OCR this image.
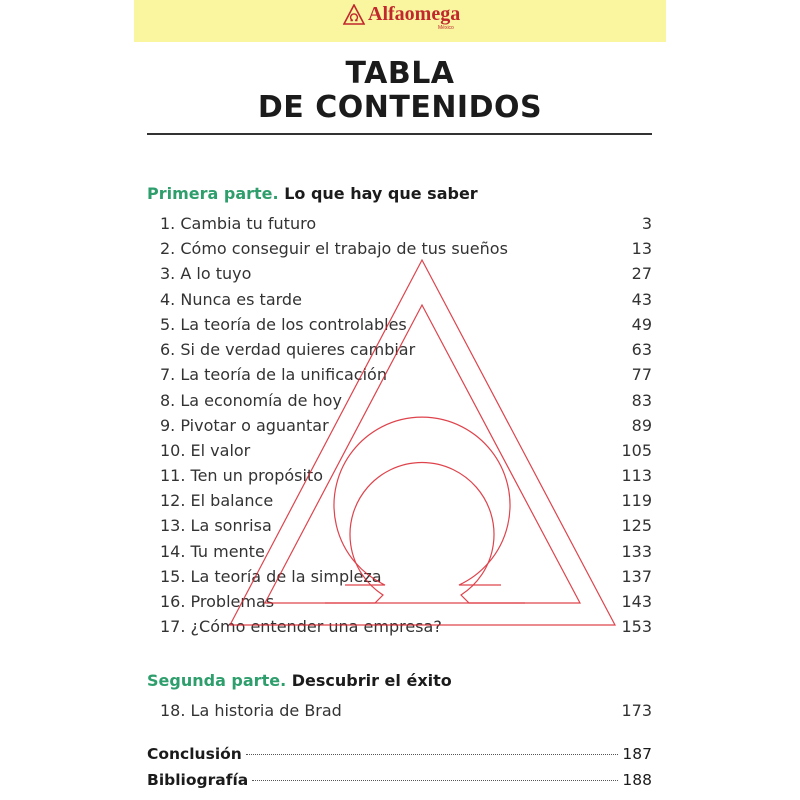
Alfaomega
México
TABLA
DE CONTENIDOS
Primera parte. Lo que hay que saber
1. Cambia tu futuro	3
2. Cómo conseguir el trabajo de tus sueños	13
3. A lo tuyo	27
4. Nunca es tarde	43
5. La teoría de los controlables	49
6. Si de verdad quieres cambiar	63
7. La teoría de la unificación	77
8. La economía de hoy	83
9. Pivotar o aguantar	89
10. El valor	105
11. Ten un propósito	113
12. El balance	119
13. La sonrisa	125
14. Tu mente	133
15. La teoría de la simpleza	137
16. Problemas	143
17. ¿Cómo entender una empresa?	153
Segunda parte. Descubrir el éxito
18. La historia de Brad	173
Conclusión	187
Bibliografía	188
